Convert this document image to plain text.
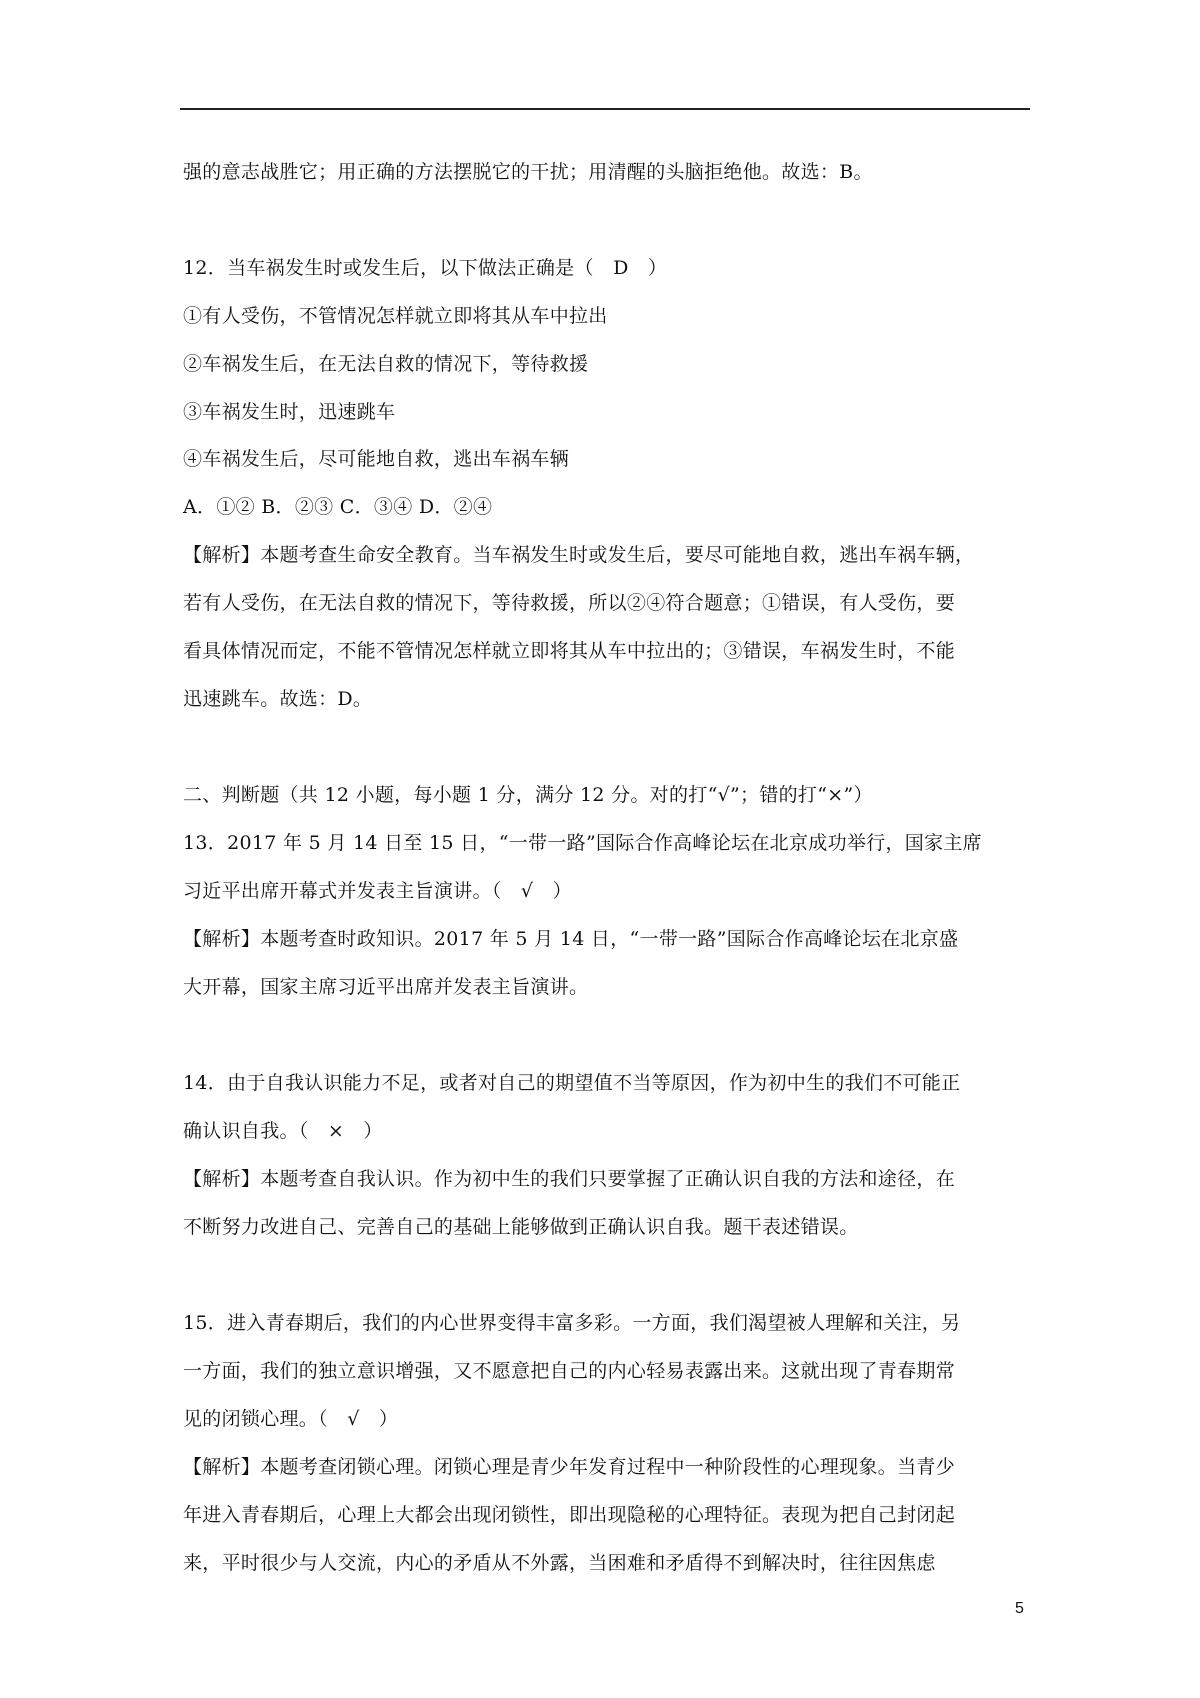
强的意志战胜它；用正确的方法摆脱它的干扰；用清醒的头脑拒绝他。故选：B。
12．当车祸发生时或发生后，以下做法正确是（　D　）
①有人受伤，不管情况怎样就立即将其从车中拉出
②车祸发生后，在无法自救的情况下，等待救援
③车祸发生时，迅速跳车
④车祸发生后，尽可能地自救，逃出车祸车辆
A．①② B．②③ C．③④ D．②④
【解析】本题考查生命安全教育。当车祸发生时或发生后，要尽可能地自救，逃出车祸车辆，
若有人受伤，在无法自救的情况下，等待救援，所以②④符合题意；①错误，有人受伤，要
看具体情况而定，不能不管情况怎样就立即将其从车中拉出的；③错误，车祸发生时，不能
迅速跳车。故选：D。
二、判断题（共 12 小题，每小题 1 分，满分 12 分。对的打“√”；错的打“×”）
13．2017 年 5 月 14 日至 15 日，“一带一路”国际合作高峰论坛在北京成功举行，国家主席
习近平出席开幕式并发表主旨演讲。（　√　）
【解析】本题考查时政知识。2017 年 5 月 14 日，“一带一路”国际合作高峰论坛在北京盛
大开幕，国家主席习近平出席并发表主旨演讲。
14．由于自我认识能力不足，或者对自己的期望值不当等原因，作为初中生的我们不可能正
确认识自我。（　×　）
【解析】本题考查自我认识。作为初中生的我们只要掌握了正确认识自我的方法和途径，在
不断努力改进自己、完善自己的基础上能够做到正确认识自我。题干表述错误。
15．进入青春期后，我们的内心世界变得丰富多彩。一方面，我们渴望被人理解和关注，另
一方面，我们的独立意识增强，又不愿意把自己的内心轻易表露出来。这就出现了青春期常
见的闭锁心理。（　√　）
【解析】本题考查闭锁心理。闭锁心理是青少年发育过程中一种阶段性的心理现象。当青少
年进入青春期后，心理上大都会出现闭锁性，即出现隐秘的心理特征。表现为把自己封闭起
来，平时很少与人交流，内心的矛盾从不外露，当困难和矛盾得不到解决时，往往因焦虑
5
